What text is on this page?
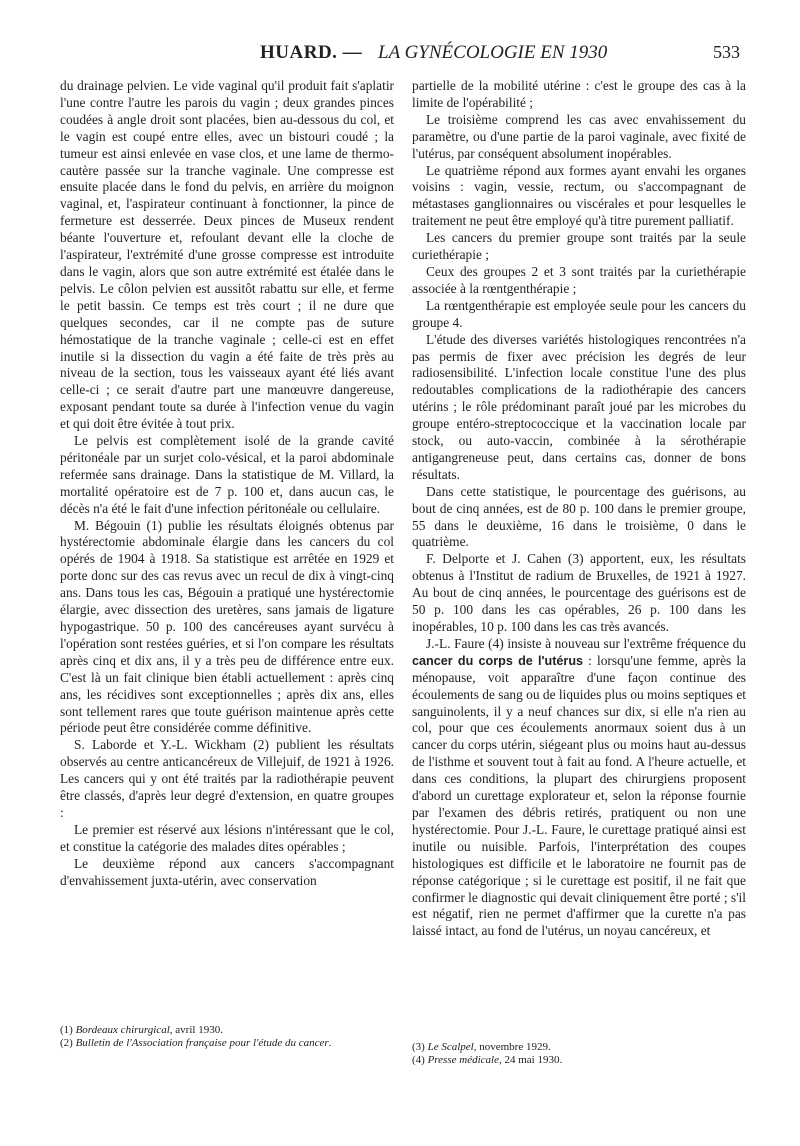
HUARD. — LA GYNÉCOLOGIE EN 1930	533

du drainage pelvien. Le vide vaginal qu'il produit fait s'aplatir l'une contre l'autre les parois du vagin ; deux grandes pinces coudées à angle droit sont placées, bien au-dessous du col, et le vagin est coupé entre elles, avec un bistouri coudé ; la tumeur est ainsi enlevée en vase clos, et une lame de thermo-cautère passée sur la tranche vaginale. Une compresse est ensuite placée dans le fond du pelvis, en arrière du moignon vaginal, et, l'aspirateur continuant à fonctionner, la pince de fermeture est desserrée. Deux pinces de Museux rendent béante l'ouverture et, refoulant devant elle la cloche de l'aspirateur, l'extrémité d'une grosse compresse est introduite dans le vagin, alors que son autre extrémité est étalée dans le pelvis. Le côlon pelvien est aussitôt rabattu sur elle, et ferme le petit bassin. Ce temps est très court ; il ne dure que quelques secondes, car il ne compte pas de suture hémostatique de la tranche vaginale ; celle-ci est en effet inutile si la dissection du vagin a été faite de très près au niveau de la section, tous les vaisseaux ayant été liés avant celle-ci ; ce serait d'autre part une manœuvre dangereuse, exposant pendant toute sa durée à l'infection venue du vagin et qui doit être évitée à tout prix.

Le pelvis est complètement isolé de la grande cavité péritonéale par un surjet colo-vésical, et la paroi abdominale refermée sans drainage. Dans la statistique de M. Villard, la mortalité opératoire est de 7 p. 100 et, dans aucun cas, le décès n'a été le fait d'une infection péritonéale ou cellulaire.

M. Bégouin (1) publie les résultats éloignés obtenus par hystérectomie abdominale élargie dans les cancers du col opérés de 1904 à 1918. Sa statistique est arrêtée en 1929 et porte donc sur des cas revus avec un recul de dix à vingt-cinq ans. Dans tous les cas, Bégouin a pratiqué une hystérectomie élargie, avec dissection des uretères, sans jamais de ligature hypogastrique. 50 p. 100 des cancéreuses ayant survécu à l'opération sont restées guéries, et si l'on compare les résultats après cinq et dix ans, il y a très peu de différence entre eux. C'est là un fait clinique bien établi actuellement : après cinq ans, les récidives sont exceptionnelles ; après dix ans, elles sont tellement rares que toute guérison maintenue après cette période peut être considérée comme définitive.

S. Laborde et Y.-L. Wickham (2) publient les résultats observés au centre anticancéreux de Villejuif, de 1921 à 1926. Les cancers qui y ont été traités par la radiothérapie peuvent être classés, d'après leur degré d'extension, en quatre groupes :

Le premier est réservé aux lésions n'intéressant que le col, et constitue la catégorie des malades dites opérables ;

Le deuxième répond aux cancers s'accompagnant d'envahissement juxta-utérin, avec conservation

partielle de la mobilité utérine : c'est le groupe des cas à la limite de l'opérabilité ;

Le troisième comprend les cas avec envahissement du paramètre, ou d'une partie de la paroi vaginale, avec fixité de l'utérus, par conséquent absolument inopérables.

Le quatrième répond aux formes ayant envahi les organes voisins : vagin, vessie, rectum, ou s'accompagnant de métastases ganglionnaires ou viscérales et pour lesquelles le traitement ne peut être employé qu'à titre purement palliatif.

Les cancers du premier groupe sont traités par la seule curiethérapie ;

Ceux des groupes 2 et 3 sont traités par la curiethérapie associée à la rœntgenthérapie ;

La rœntgenthérapie est employée seule pour les cancers du groupe 4.

L'étude des diverses variétés histologiques rencontrées n'a pas permis de fixer avec précision les degrés de leur radiosensibilité. L'infection locale constitue l'une des plus redoutables complications de la radiothérapie des cancers utérins ; le rôle prédominant paraît joué par les microbes du groupe entéro-streptococcique et la vaccination locale par stock, ou auto-vaccin, combinée à la sérothérapie antigangreneuse peut, dans certains cas, donner de bons résultats.

Dans cette statistique, le pourcentage des guérisons, au bout de cinq années, est de 80 p. 100 dans le premier groupe, 55 dans le deuxième, 16 dans le troisième, 0 dans le quatrième.

F. Delporte et J. Cahen (3) apportent, eux, les résultats obtenus à l'Institut de radium de Bruxelles, de 1921 à 1927. Au bout de cinq années, le pourcentage des guérisons est de 50 p. 100 dans les cas opérables, 26 p. 100 dans les inopérables, 10 p. 100 dans les cas très avancés.

J.-L. Faure (4) insiste à nouveau sur l'extrême fréquence du cancer du corps de l'utérus : lorsqu'une femme, après la ménopause, voit apparaître d'une façon continue des écoulements de sang ou de liquides plus ou moins septiques et sanguinolents, il y a neuf chances sur dix, si elle n'a rien au col, pour que ces écoulements anormaux soient dus à un cancer du corps utérin, siégeant plus ou moins haut au-dessus de l'isthme et souvent tout à fait au fond. A l'heure actuelle, et dans ces conditions, la plupart des chirurgiens proposent d'abord un curettage explorateur et, selon la réponse fournie par l'examen des débris retirés, pratiquent ou non une hystérectomie. Pour J.-L. Faure, le curettage pratiqué ainsi est inutile ou nuisible. Parfois, l'interprétation des coupes histologiques est difficile et le laboratoire ne fournit pas de réponse catégorique ; si le curettage est positif, il ne fait que confirmer le diagnostic qui devait cliniquement être porté ; s'il est négatif, rien ne permet d'affirmer que la curette n'a pas laissé intact, au fond de l'utérus, un noyau cancéreux, et

(1) Bordeaux chirurgical, avril 1930.
(2) Bulletin de l'Association française pour l'étude du cancer.	(3) Le Scalpel, novembre 1929.
(4) Presse médicale, 24 mai 1930.
